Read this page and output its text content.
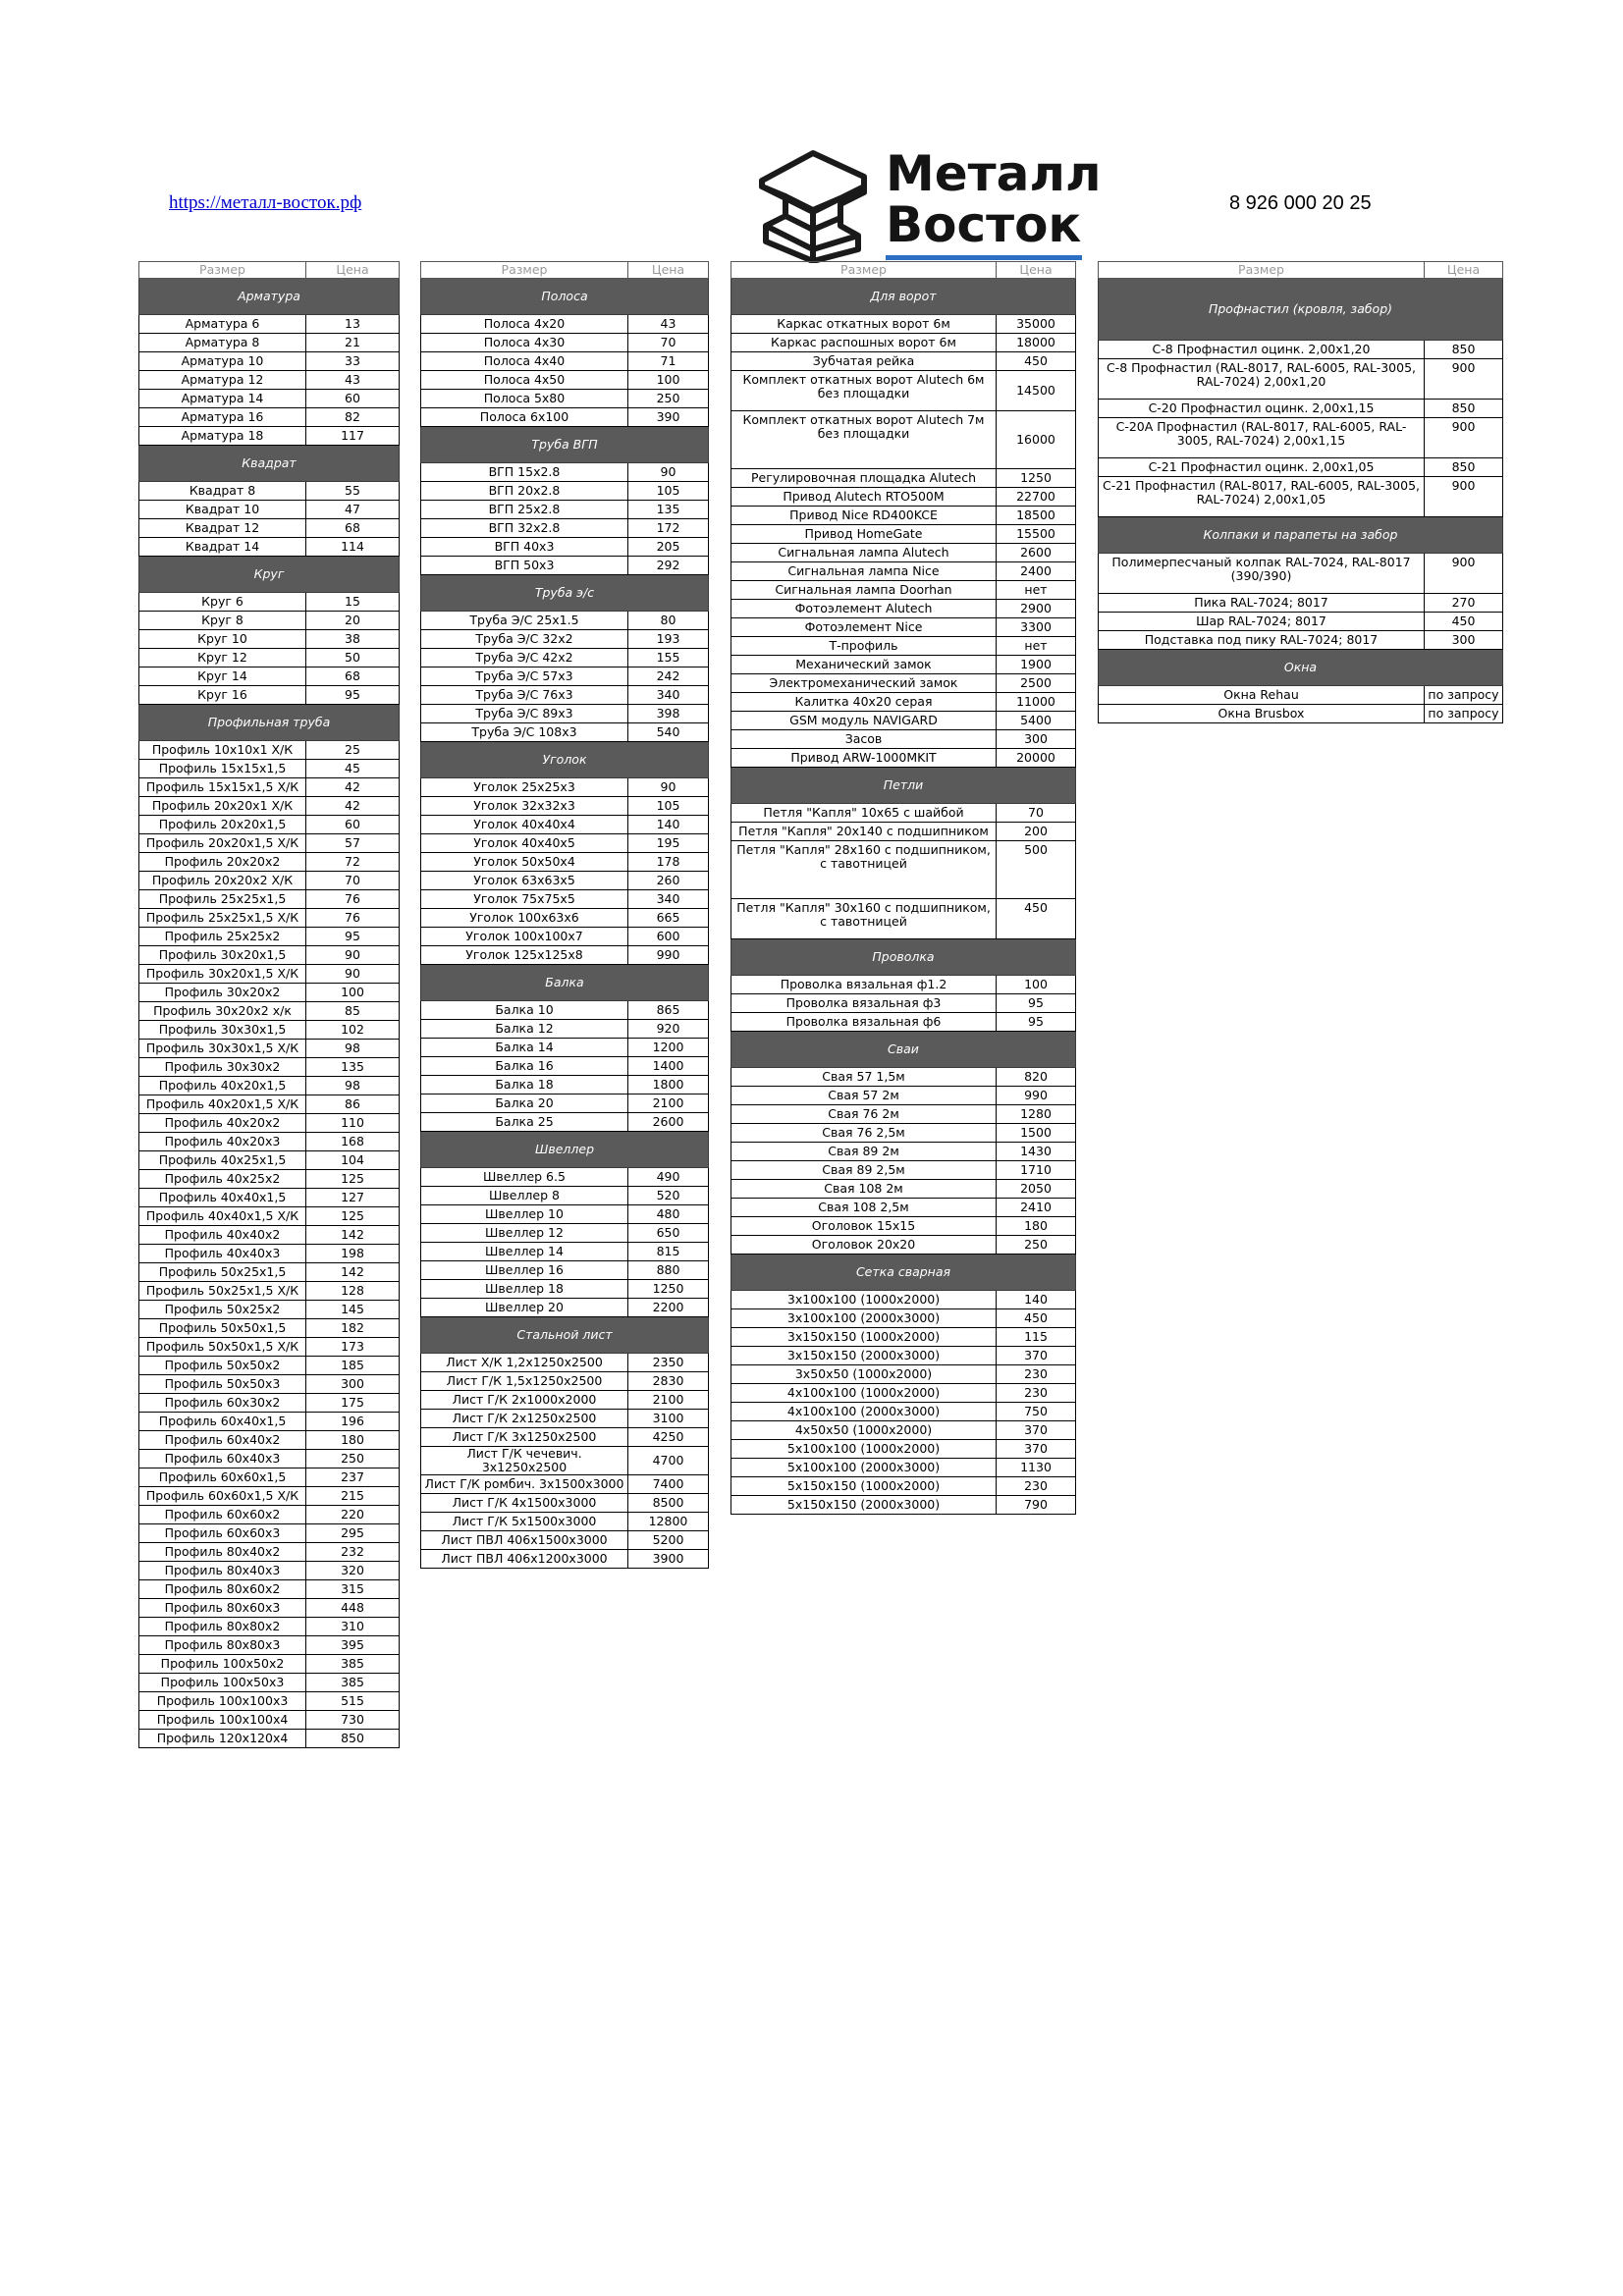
https://металл-восток.рф
Металл
Восток	8 926 000 20 25
Размер	Цена
Арматура	
Арматура 6	13
Арматура 8	21
Арматура 10	33
Арматура 12	43
Арматура 14	60
Арматура 16	82
Арматура 18	117
Квадрат	
Квадрат 8	55
Квадрат 10	47
Квадрат 12	68
Квадрат 14	114
Круг	
Круг 6	15
Круг 8	20
Круг 10	38
Круг 12	50
Круг 14	68
Круг 16	95
Профильная труба	
Профиль 10х10х1 Х/К	25
Профиль 15х15х1,5	45
Профиль 15х15х1,5 Х/К	42
Профиль 20х20х1 Х/К	42
Профиль 20х20х1,5	60
Профиль 20х20х1,5 Х/К	57
Профиль 20х20х2	72
Профиль 20х20х2 Х/К	70
Профиль 25х25х1,5	76
Профиль 25х25х1,5 Х/К	76
Профиль 25х25х2	95
Профиль 30х20х1,5	90
Профиль 30х20х1,5 Х/К	90
Профиль 30х20х2	100
Профиль 30х20х2 х/к	85
Профиль 30х30х1,5	102
Профиль 30х30х1,5 Х/К	98
Профиль 30х30х2	135
Профиль 40х20х1,5	98
Профиль 40х20х1,5 Х/К	86
Профиль 40х20х2	110
Профиль 40х20х3	168
Профиль 40х25х1,5	104
Профиль 40х25х2	125
Профиль 40х40х1,5	127
Профиль 40х40х1,5 Х/К	125
Профиль 40х40х2	142
Профиль 40х40х3	198
Профиль 50х25х1,5	142
Профиль 50х25х1,5 Х/К	128
Профиль 50х25х2	145
Профиль 50х50х1,5	182
Профиль 50х50х1,5 Х/К	173
Профиль 50х50х2	185
Профиль 50х50х3	300
Профиль 60х30х2	175
Профиль 60х40х1,5	196
Профиль 60х40х2	180
Профиль 60х40х3	250
Профиль 60х60х1,5	237
Профиль 60х60х1,5 Х/К	215
Профиль 60х60х2	220
Профиль 60х60х3	295
Профиль 80х40х2	232
Профиль 80х40х3	320
Профиль 80х60х2	315
Профиль 80х60х3	448
Профиль 80х80х2	310
Профиль 80х80х3	395
Профиль 100х50х2	385
Профиль 100х50х3	385
Профиль 100х100х3	515
Профиль 100х100х4	730
Профиль 120х120х4	850
Размер	Цена
Полоса	
Полоса 4х20	43
Полоса 4х30	70
Полоса 4х40	71
Полоса 4х50	100
Полоса 5х80	250
Полоса 6х100	390
Труба ВГП	
ВГП 15х2.8	90
ВГП 20х2.8	105
ВГП 25х2.8	135
ВГП 32х2.8	172
ВГП 40х3	205
ВГП 50х3	292
Труба э/с	
Труба Э/С 25х1.5	80
Труба Э/С 32х2	193
Труба Э/С 42х2	155
Труба Э/С 57х3	242
Труба Э/С 76х3	340
Труба Э/С 89х3	398
Труба Э/С 108х3	540
Уголок	
Уголок 25х25х3	90
Уголок 32х32х3	105
Уголок 40х40х4	140
Уголок 40х40х5	195
Уголок 50х50х4	178
Уголок 63х63х5	260
Уголок 75х75х5	340
Уголок 100х63х6	665
Уголок 100х100х7	600
Уголок 125х125х8	990
Балка	
Балка 10	865
Балка 12	920
Балка 14	1200
Балка 16	1400
Балка 18	1800
Балка 20	2100
Балка 25	2600
Швеллер	
Швеллер 6.5	490
Швеллер 8	520
Швеллер 10	480
Швеллер 12	650
Швеллер 14	815
Швеллер 16	880
Швеллер 18	1250
Швеллер 20	2200
Стальной лист	
Лист Х/К 1,2х1250х2500	2350
Лист Г/К 1,5х1250х2500	2830
Лист Г/К 2х1000х2000	2100
Лист Г/К 2х1250х2500	3100
Лист Г/К 3х1250х2500	4250
Лист Г/К чечевич. 3х1250х2500	4700
Лист Г/К ромбич. 3х1500х3000	7400
Лист Г/К 4х1500х3000	8500
Лист Г/К 5х1500х3000	12800
Лист ПВЛ 406х1500х3000	5200
Лист ПВЛ 406х1200х3000	3900
Размер	Цена
Для ворот	
Каркас откатных ворот 6м	35000
Каркас распошных ворот 6м	18000
Зубчатая рейка	450
Комплект откатных ворот Alutech 6м без площадки	14500
Комплект откатных ворот Alutech 7м без площадки	16000
Регулировочная площадка Alutech	1250
Привод Alutech RTO500M	22700
Привод Nice RD400KCE	18500
Привод HomeGate	15500
Сигнальная лампа Alutech	2600
Сигнальная лампа Nice	2400
Сигнальная лампа Doorhan	нет
Фотоэлемент Alutech	2900
Фотоэлемент Nice	3300
Т-профиль	нет
Механический замок	1900
Электромеханический замок	2500
Калитка 40х20 серая	11000
GSM модуль NAVIGARD	5400
Засов	300
Привод ARW-1000MKIT	20000
Петли	
Петля "Капля" 10х65 с шайбой	70
Петля "Капля" 20х140 с подшипником	200
Петля "Капля" 28х160 с подшипником, с тавотницей	500
Петля "Капля" 30х160 с подшипником, с тавотницей	450
Проволка	
Проволка вязальная ф1.2	100
Проволка вязальная ф3	95
Проволка вязальная ф6	95
Сваи	
Свая 57 1,5м	820
Свая 57 2м	990
Свая 76 2м	1280
Свая 76 2,5м	1500
Свая 89 2м	1430
Свая 89 2,5м	1710
Свая 108 2м	2050
Свая 108 2,5м	2410
Оголовок 15х15	180
Оголовок 20х20	250
Сетка сварная	
3х100х100 (1000х2000)	140
3х100х100 (2000х3000)	450
3х150х150 (1000х2000)	115
3х150х150 (2000х3000)	370
3х50х50 (1000х2000)	230
4х100х100 (1000х2000)	230
4х100х100 (2000х3000)	750
4х50х50 (1000х2000)	370
5х100х100 (1000х2000)	370
5х100х100 (2000х3000)	1130
5х150х150 (1000х2000)	230
5х150х150 (2000х3000)	790
Размер	Цена
Профнастил (кровля, забор)	
С-8 Профнастил оцинк. 2,00х1,20	850
С-8 Профнастил (RAL-8017, RAL-6005, RAL-3005, RAL-7024) 2,00х1,20	900
С-20 Профнастил оцинк. 2,00х1,15	850
С-20А Профнастил (RAL-8017, RAL-6005, RAL-3005, RAL-7024) 2,00х1,15	900
С-21 Профнастил оцинк. 2,00х1,05	850
С-21 Профнастил (RAL-8017, RAL-6005, RAL-3005, RAL-7024) 2,00х1,05	900
Колпаки и парапеты на забор	
Полимерпесчаный колпак RAL-7024, RAL-8017 (390/390)	900
Пика RAL-7024; 8017	270
Шар RAL-7024; 8017	450
Подставка под пику RAL-7024; 8017	300
Окна	
Окна Rehau	по запросу
Окна Brusbox	по запросу
